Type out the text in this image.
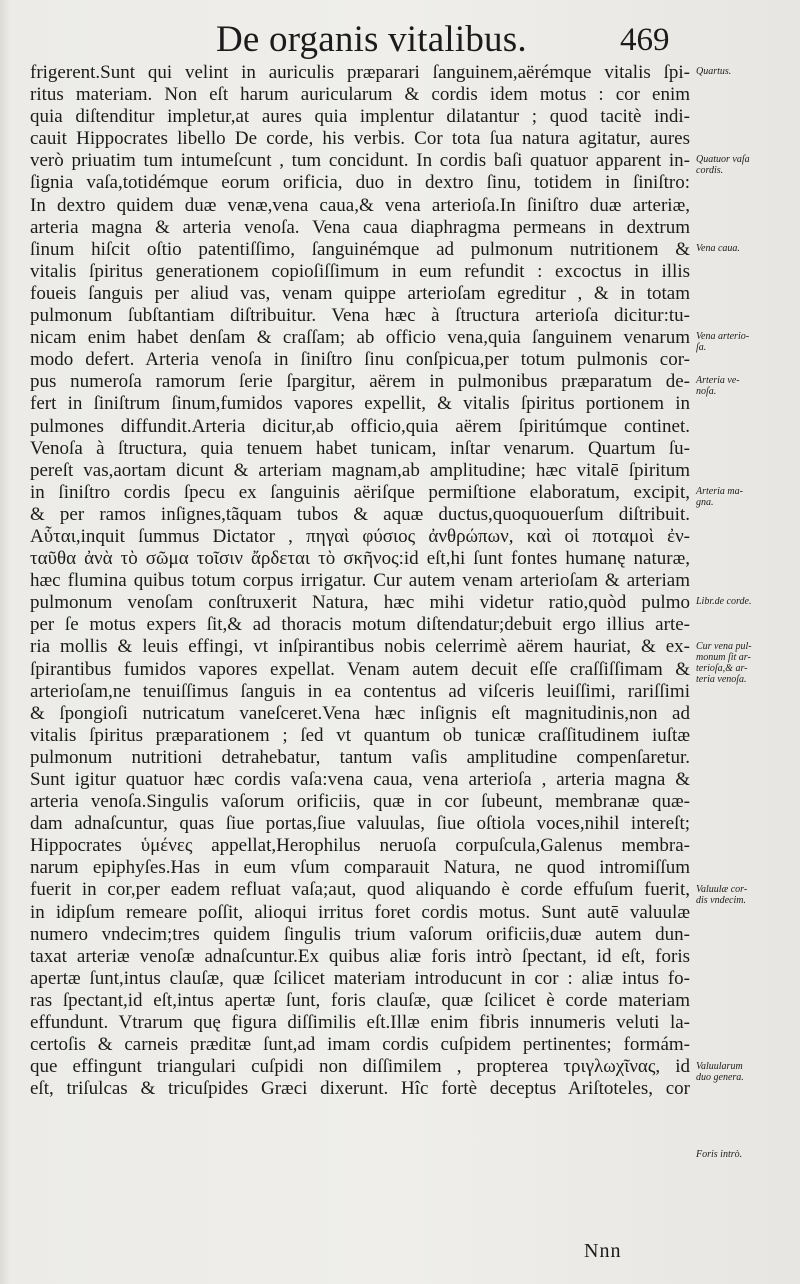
De organis vitalibus.	469
frigerent.Sunt qui velint in auriculis præparari ſanguinem,aërémque vitalis ſpi-
ritus materiam. Non eſt harum auricularum & cordis idem motus : cor enim
quia diſtenditur impletur,at aures quia implentur dilatantur ; quod tacitè indi-
cauit Hippocrates libello De corde, his verbis. Cor tota ſua natura agitatur, aures
verò priuatim tum intumeſcunt , tum concidunt. In cordis baſi quatuor apparent in-
ſignia vaſa,totidémque eorum orificia, duo in dextro ſinu, totidem in ſiniſtro:
In dextro quidem duæ venæ,vena caua,& vena arterioſa.In ſiniſtro duæ arteriæ,
arteria magna & arteria venoſa. Vena caua diaphragma permeans in dextrum
ſinum hiſcit oſtio patentiſſimo, ſanguinémque ad pulmonum nutritionem &
vitalis ſpiritus generationem copioſiſſimum in eum refundit : excoctus in illis
foueis ſanguis per aliud vas, venam quippe arterioſam egreditur , & in totam
pulmonum ſubſtantiam diſtribuitur. Vena hæc à ſtructura arterioſa dicitur:tu-
nicam enim habet denſam & craſſam; ab officio vena,quia ſanguinem venarum
modo defert. Arteria venoſa in ſiniſtro ſinu conſpicua,per totum pulmonis cor-
pus numeroſa ramorum ſerie ſpargitur, aërem in pulmonibus præparatum de-
fert in ſiniſtrum ſinum,fumidos vapores expellit, & vitalis ſpiritus portionem in
pulmones diffundit.Arteria dicitur,ab officio,quia aërem ſpiritúmque continet.
Venoſa à ſtructura, quia tenuem habet tunicam, inſtar venarum. Quartum ſu-
pereſt vas,aortam dicunt & arteriam magnam,ab amplitudine; hæc vitalē ſpiritum
in ſiniſtro cordis ſpecu ex ſanguinis aëriſque permiſtione elaboratum, excipit,
& per ramos inſignes,tãquam tubos & aquæ ductus,quoquouerſum diſtribuit.
Αὗται,inquit ſummus Dictator , πηγαὶ φύσιος ἀνθρώπων, καὶ οἱ ποταμοὶ ἐν-
ταῦθα ἀνὰ τὸ σῶμα τοῖσιν ἄρδεται τὸ σκῆνος:id eſt,hi ſunt fontes humanę naturæ,
hæc flumina quibus totum corpus irrigatur. Cur autem venam arterioſam & arteriam
pulmonum venoſam conſtruxerit Natura, hæc mihi videtur ratio,quòd pulmo
per ſe motus expers ſit,& ad thoracis motum diſtendatur;debuit ergo illius arte-
ria mollis & leuis effingi, vt inſpirantibus nobis celerrimè aërem hauriat, & ex-
ſpirantibus fumidos vapores expellat. Venam autem decuit eſſe craſſiſſimam &
arterioſam,ne tenuiſſimus ſanguis in ea contentus ad viſceris leuiſſimi, rariſſimi
& ſpongioſi nutricatum vaneſceret.Vena hæc inſignis eſt magnitudinis,non ad
vitalis ſpiritus præparationem ; ſed vt quantum ob tunicæ craſſitudinem iuſtæ
pulmonum nutritioni detrahebatur, tantum vaſis amplitudine compenſaretur.
Sunt igitur quatuor hæc cordis vaſa:vena caua, vena arterioſa , arteria magna &
arteria venoſa.Singulis vaſorum orificiis, quæ in cor ſubeunt, membranæ quæ-
dam adnaſcuntur, quas ſiue portas,ſiue valuulas, ſiue oſtiola voces,nihil intereſt;
Hippocrates ὑμένες appellat,Herophilus neruoſa corpuſcula,Galenus membra-
narum epiphyſes.Has in eum vſum comparauit Natura, ne quod intromiſſum
fuerit in cor,per eadem refluat vaſa;aut, quod aliquando è corde effuſum fuerit,
in idipſum remeare poſſit, alioqui irritus foret cordis motus. Sunt autē valuulæ
numero vndecim;tres quidem ſingulis trium vaſorum orificiis,duæ autem dun-
taxat arteriæ venoſæ adnaſcuntur.Ex quibus aliæ foris intrò ſpectant, id eſt, foris
apertæ ſunt,intus clauſæ, quæ ſcilicet materiam introducunt in cor : aliæ intus fo-
ras ſpectant,id eſt,intus apertæ ſunt, foris clauſæ, quæ ſcilicet è corde materiam
effundunt. Vtrarum quę figura diſſimilis eſt.Illæ enim fibris innumeris veluti la-
certoſis & carneis præditæ ſunt,ad imam cordis cuſpidem pertinentes; formám-
que effingunt triangulari cuſpidi non diſſimilem , propterea τριγλωχῖνας, id
eſt, triſulcas & tricuſpides Græci dixerunt. Hîc fortè deceptus Ariſtoteles, cor
Quartus.
Quatuor vaſa
cordis.
Vena caua.
Vena arterio-
ſa.
Arteria ve-
noſa.
Arteria ma-
gna.
Libr.de corde.
Cur vena pul-
monum ſit ar-
terioſa,& ar-
teria venoſa.
Valuulæ cor-
dis vndecim.
Valuularum
duo genera.
Foris intrò.
Nnn
